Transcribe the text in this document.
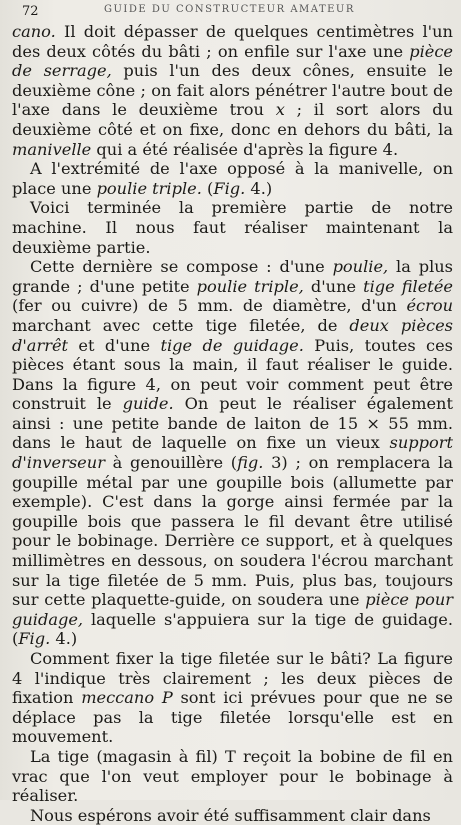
72	GUIDE DU CONSTRUCTEUR AMATEUR

cano. Il doit dépasser de quelques centimètres l'un des deux côtés du bâti ; on enfile sur l'axe une pièce de serrage, puis l'un des deux cônes, ensuite le deuxième cône ; on fait alors pénétrer l'autre bout de l'axe dans le deuxième trou x ; il sort alors du deuxième côté et on fixe, donc en dehors du bâti, la manivelle qui a été réalisée d'après la figure 4.

A l'extrémité de l'axe opposé à la manivelle, on place une poulie triple. (Fig. 4.)

Voici terminée la première partie de notre machine. Il nous faut réaliser maintenant la deuxième partie.

Cette dernière se compose : d'une poulie, la plus grande ; d'une petite poulie triple, d'une tige filetée (fer ou cuivre) de 5 mm. de diamètre, d'un écrou marchant avec cette tige filetée, de deux pièces d'arrêt et d'une tige de guidage. Puis, toutes ces pièces étant sous la main, il faut réaliser le guide. Dans la figure 4, on peut voir comment peut être construit le guide. On peut le réaliser également ainsi : une petite bande de laiton de 15 × 55 mm. dans le haut de laquelle on fixe un vieux support d'inverseur à genouillère (fig. 3) ; on remplacera la goupille métal par une goupille bois (allumette par exemple). C'est dans la gorge ainsi fermée par la goupille bois que passera le fil devant être utilisé pour le bobinage. Derrière ce support, et à quelques millimètres en dessous, on soudera l'écrou marchant sur la tige filetée de 5 mm. Puis, plus bas, toujours sur cette plaquette-guide, on soudera une pièce pour guidage, laquelle s'appuiera sur la tige de guidage. (Fig. 4.)

Comment fixer la tige filetée sur le bâti? La figure 4 l'indique très clairement ; les deux pièces de fixation meccano P sont ici prévues pour que ne se déplace pas la tige filetée lorsqu'elle est en mouvement.

La tige (magasin à fil) T reçoit la bobine de fil en vrac que l'on veut employer pour le bobinage à réaliser.

Nous espérons avoir été suffisamment clair dans
